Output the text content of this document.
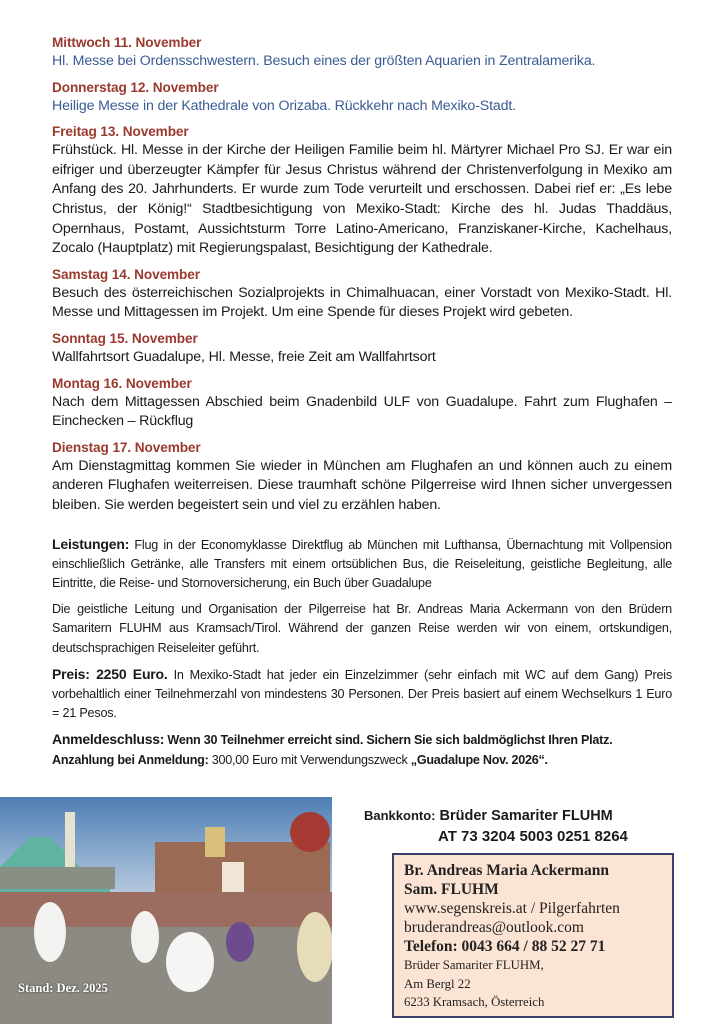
Mittwoch 11. November
Hl. Messe bei Ordensschwestern. Besuch eines der größten Aquarien in Zentralamerika.
Donnerstag 12. November
Heilige Messe in der Kathedrale von Orizaba. Rückkehr nach Mexiko-Stadt.
Freitag 13. November
Frühstück. Hl. Messe in der Kirche der Heiligen Familie beim hl. Märtyrer Michael Pro SJ. Er war ein eifriger und überzeugter Kämpfer für Jesus Christus während der Christenverfolgung in Mexiko am Anfang des 20. Jahrhunderts. Er wurde zum Tode verurteilt und erschossen. Dabei rief er: „Es lebe Christus, der König!“ Stadtbesichtigung von Mexiko-Stadt: Kirche des hl. Judas Thaddäus, Opernhaus, Postamt, Aussichtsturm Torre Latino-Americano, Franziskaner-Kirche, Kachelhaus, Zocalo (Hauptplatz) mit Regierungspalast, Besichtigung der Kathedrale.
Samstag 14. November
Besuch des österreichischen Sozialprojekts in Chimalhuacan, einer Vorstadt von Mexiko-Stadt. Hl. Messe und Mittagessen im Projekt. Um eine Spende für dieses Projekt wird gebeten.
Sonntag 15. November
Wallfahrtsort Guadalupe, Hl. Messe, freie Zeit am Wallfahrtsort
Montag 16. November
Nach dem Mittagessen Abschied beim Gnadenbild ULF von Guadalupe. Fahrt zum Flughafen – Einchecken – Rückflug
Dienstag 17. November
Am Dienstagmittag kommen Sie wieder in München am Flughafen an und können auch zu einem anderen Flughafen weiterreisen. Diese traumhaft schöne Pilgerreise wird Ihnen sicher unvergessen bleiben. Sie werden begeistert sein und viel zu erzählen haben.
Leistungen: Flug in der Economyklasse Direktflug ab München mit Lufthansa, Übernachtung mit Vollpension einschließlich Getränke, alle Transfers mit einem ortsüblichen Bus, die Reiseleitung, geistliche Begleitung, alle Eintritte, die Reise- und Stornoversicherung, ein Buch über Guadalupe
Die geistliche Leitung und Organisation der Pilgerreise hat Br. Andreas Maria Ackermann von den Brüdern Samaritern FLUHM aus Kramsach/Tirol. Während der ganzen Reise werden wir von einem, ortskundigen, deutschsprachigen Reiseleiter geführt.
Preis: 2250 Euro. In Mexiko-Stadt hat jeder ein Einzelzimmer (sehr einfach mit WC auf dem Gang) Preis vorbehaltlich einer Teilnehmerzahl von mindestens 30 Personen. Der Preis basiert auf einem Wechselkurs 1 Euro = 21 Pesos.
Anmeldeschluss: Wenn 30 Teilnehmer erreicht sind. Sichern Sie sich baldmöglichst Ihren Platz.
Anzahlung bei Anmeldung: 300,00 Euro mit Verwendungszweck „Guadalupe Nov. 2026“.
Stand: Dez. 2025
Bankkonto: Brüder Samariter FLUHM
AT 73 3204 5003 0251 8264
Br. Andreas Maria Ackermann
Sam. FLUHM
www.segenskreis.at / Pilgerfahrten
bruderandreas@outlook.com
Telefon: 0043 664 / 88 52 27 71
Brüder Samariter FLUHM,
Am Bergl 22
6233 Kramsach, Österreich
